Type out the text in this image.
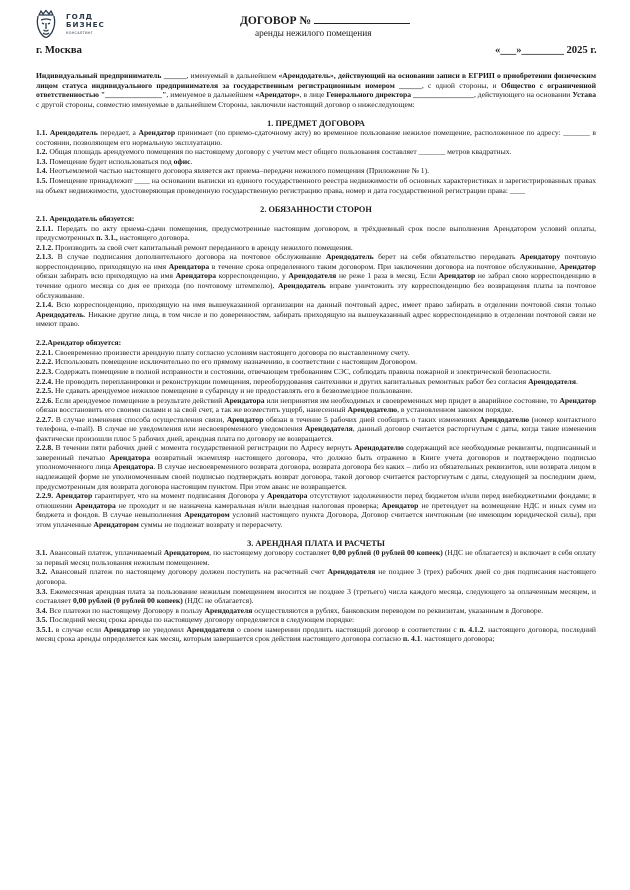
ГОЛД
БИЗНЕС
КОНСАЛТИНГ
ДОГОВОР №
аренды нежилого помещения
г. Москва	«___»________ 2025 г.

Индивидуальный предприниматель ______, именуемый в дальнейшем «Арендодатель», действующий на основании записи в ЕГРИП о приобретении физическим лицом статуса индивидуального предпринимателя за государственным регистрационным номером ______, с одной стороны, и Общество с ограниченной ответственностью "_______________", именуемое в дальнейшем «Арендатор», в лице Генерального директора ________________, действующего на основании Устава с другой стороны, совместно именуемые в дальнейшем Стороны, заключили настоящий договор о нижеследующем:

1. ПРЕДМЕТ ДОГОВОРА

1.1. Арендодатель передает, а Арендатор принимает (по приемо-сдаточному акту) во временное пользование нежилое помещение, расположенное по адресу: _______ в состоянии, позволяющем его нормальную эксплуатацию.

1.2. Общая площадь арендуемого помещения по настоящему договору с учетом мест общего пользования составляет _______ метров квадратных.

1.3. Помещение будет использоваться под офис.

1.4. Неотъемлемой частью настоящего договора является акт приема–передачи нежилого помещения (Приложение № 1).

1.5. Помещение принадлежит ____ на основании выписки из единого государственного реестра недвижимости об основных характеристиках и зарегистрированных правах на объект недвижимости, удостоверяющая проведенную государственную регистрацию права, номер и дата государственной регистрации права: ____

2. ОБЯЗАННОСТИ СТОРОН

2.1. Арендодатель обязуется:

2.1.1. Передать по акту приема-сдачи помещения, предусмотренные настоящим договором, в трёхдневный срок после выполнения Арендатором условий оплаты, предусмотренных п. 3.1., настоящего договора.

2.1.2. Производить за свой счет капитальный ремонт переданного в аренду нежилого помещения.

2.1.3. В случае подписания дополнительного договора на почтовое обслуживание Арендодатель берет на себя обязательство передавать Арендатору почтовую корреспонденцию, приходящую на имя Арендатора в течение срока определенного таким договором. При заключении договора на почтовое обслуживание, Арендатор обязан забирать всю приходящую на имя Арендатора корреспонденцию, у Арендодателя не реже 1 раза в месяц. Если Арендатор не забрал свою корреспонденцию в течение одного месяца со дня ее прихода (по почтовому штемпелю), Арендодатель вправе уничтожить эту корреспонденцию без возвращения платы за почтовое обслуживание.

2.1.4. Всю корреспонденцию, приходящую на имя вышеуказанной организации на данный почтовый адрес, имеет право забирать в отделении почтовой связи только Арендодатель. Никакие другие лица, в том числе и по доверенностям, забирать приходящую на вышеуказанный адрес корреспонденцию в отделении почтовой связи не имеют право.

2.2.Арендатор обязуется:

2.2.1. Своевременно произвести арендную плату согласно условиям настоящего договора по выставленному счету.

2.2.2. Использовать помещение исключительно по его прямому назначению, в соответствии с настоящим Договором.

2.2.3. Содержать помещение в полной исправности и состоянии, отвечающем требованиям СЭС, соблюдать правила пожарной и электрической безопасности.

2.2.4. Не проводить перепланировки и реконструкции помещения, переоборудования сантехники и других капитальных ремонтных работ без согласия Арендодателя.

2.2.5. Не сдавать арендуемое нежилое помещение в субаренду и не предоставлять его в безвозмездное пользование.

2.2.6. Если арендуемое помещение в результате действий Арендатора или непринятия им необходимых и своевременных мер придет в аварийное состояние, то Арендатор обязан восстановить его своими силами и за свой счет, а так же возместить ущерб, нанесенный Арендодателю, в установленном законом порядке.

2.2.7. В случае изменения способа осуществления связи, Арендатор обязан в течение 5 рабочих дней сообщить о таких изменениях Арендодателю (номер контактного телефона, e-mail). В случае не уведомления или несвоевременного уведомления Арендодателя, данный договор считается расторгнутым с даты, когда такие изменения фактически произошли плюс 5 рабочих дней, арендная плата по договору не возвращается.

2.2.8. В течении пяти рабочих дней с момента государственной регистрации по Адресу вернуть Арендодателю содержащий все необходимые реквизиты, подписанный и заверенный печатью Арендатора возвратный экземпляр настоящего договора, что должно быть отражено в Книге учета договоров и подтверждено подписью уполномоченного лица Арендатора. В случае несвоевременного возврата договора, возврата договора без каких – либо из обязательных реквизитов, или возврата лицом в надлежащей форме не уполномоченным своей подписью подтверждать возврат договора, такой договор считается расторгнутым с даты, следующей за последним днем, предусмотренным для возврата договора настоящим пунктом. При этом аванс не возвращается.

2.2.9. Арендатор гарантирует, что на момент подписания Договора у Арендатора отсутствуют задолженности перед бюджетом и/или перед внебюджетными фондами; в отношении Арендатора не проходит и не назначена камеральная и/или выездная налоговая проверка; Арендатор не претендует на возмещение НДС и иных сумм из бюджета и фондов. В случае невыполнения Арендатором условий настоящего пункта Договора, Договор считается ничтожным (не имеющим юридической силы), при этом уплаченные Арендатором суммы не подлежат возврату и перерасчету.

3. АРЕНДНАЯ ПЛАТА И РАСЧЕТЫ

3.1. Авансовый платеж, уплачиваемый Арендатором, по настоящему договору составляет 0,00 рублей (0 рублей 00 копеек) (НДС не облагается) и включает в себя оплату за первый месяц пользования нежилым помещением.

3.2. Авансовый платеж по настоящему договору должен поступить на расчетный счет Арендодателя не позднее 3 (трех) рабочих дней со дня подписания настоящего договора.

3.3. Ежемесячная арендная плата за пользование нежилым помещением вносится не позднее 3 (третьего) числа каждого месяца, следующего за оплаченным месяцем, и составляет 0,00 рублей (0 рублей 00 копеек) (НДС не облагается).

3.4. Все платежи по настоящему Договору в пользу Арендодателя осуществляются в рублях, банковским переводом по реквизитам, указанным в Договоре.

3.5. Последний месяц срока аренды по настоящему договору определяется в следующем порядке:

3.5.1. в случае если Арендатор не уведомил Арендодателя о своем намерении продлить настоящий договор в соответствии с п. 4.1.2. настоящего договора, последний месяц срока аренды определяется как месяц, которым завершается срок действия настоящего договора согласно п. 4.1. настоящего договора;
